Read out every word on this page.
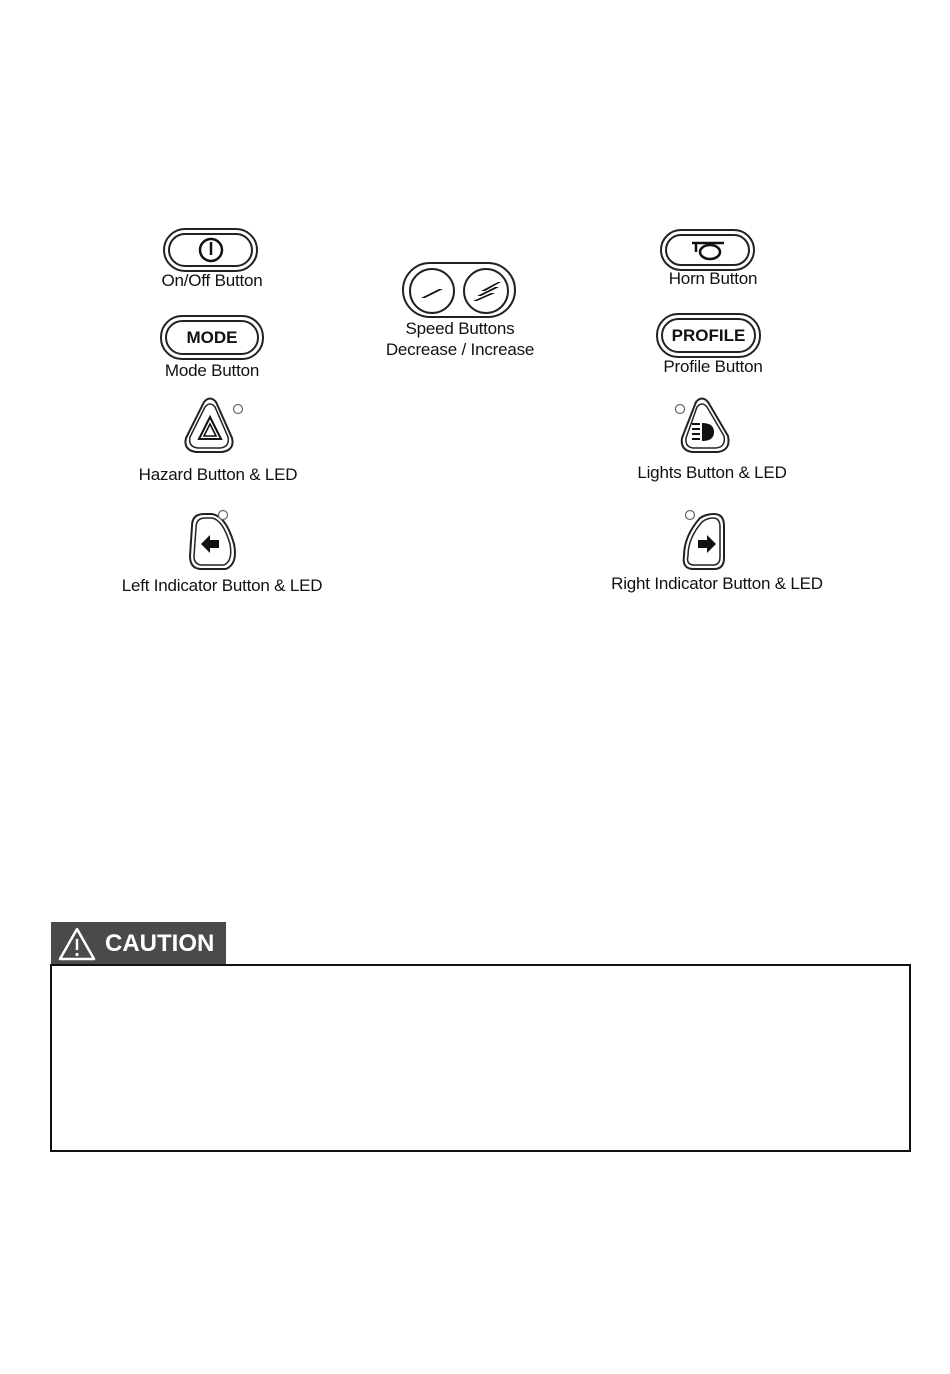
On/Off Button
MODE
Mode Button
Hazard Button & LED
Left Indicator Button & LED
Speed Buttons
Decrease / Increase
Horn Button
PROFILE
Profile Button
Lights Button & LED
Right Indicator Button & LED
CAUTION
